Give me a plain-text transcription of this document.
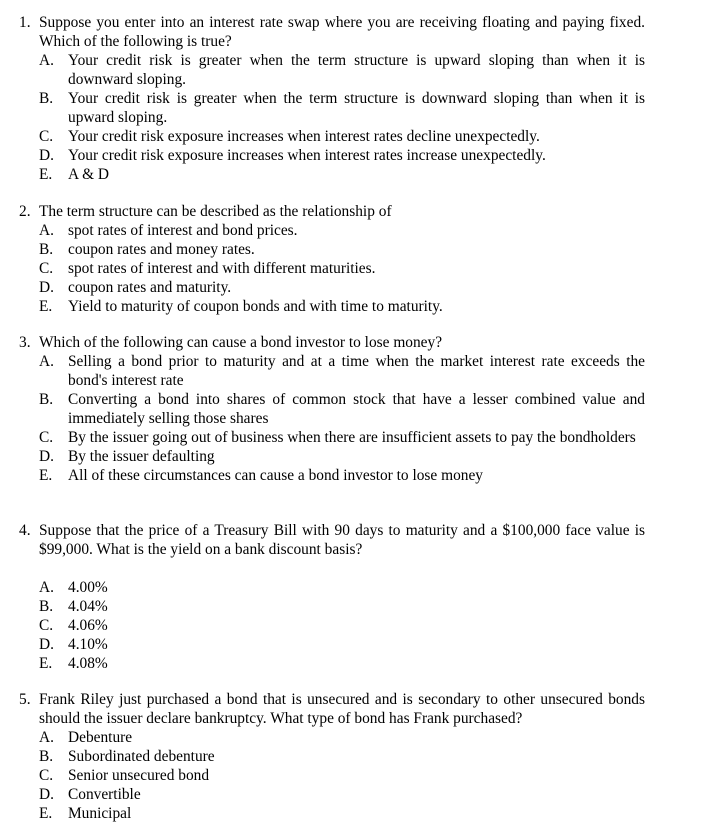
1. Suppose you enter into an interest rate swap where you are receiving floating and paying fixed. Which of the following is true?
A. Your credit risk is greater when the term structure is upward sloping than when it is downward sloping.
B. Your credit risk is greater when the term structure is downward sloping than when it is upward sloping.
C. Your credit risk exposure increases when interest rates decline unexpectedly.
D. Your credit risk exposure increases when interest rates increase unexpectedly.
E. A & D
2. The term structure can be described as the relationship of
A. spot rates of interest and bond prices.
B. coupon rates and money rates.
C. spot rates of interest and with different maturities.
D. coupon rates and maturity.
E. Yield to maturity of coupon bonds and with time to maturity.
3. Which of the following can cause a bond investor to lose money?
A. Selling a bond prior to maturity and at a time when the market interest rate exceeds the bond's interest rate
B. Converting a bond into shares of common stock that have a lesser combined value and immediately selling those shares
C. By the issuer going out of business when there are insufficient assets to pay the bondholders
D. By the issuer defaulting
E. All of these circumstances can cause a bond investor to lose money
4. Suppose that the price of a Treasury Bill with 90 days to maturity and a $100,000 face value is $99,000. What is the yield on a bank discount basis?
A. 4.00%
B. 4.04%
C. 4.06%
D. 4.10%
E. 4.08%
5. Frank Riley just purchased a bond that is unsecured and is secondary to other unsecured bonds should the issuer declare bankruptcy. What type of bond has Frank purchased?
A. Debenture
B. Subordinated debenture
C. Senior unsecured bond
D. Convertible
E. Municipal
